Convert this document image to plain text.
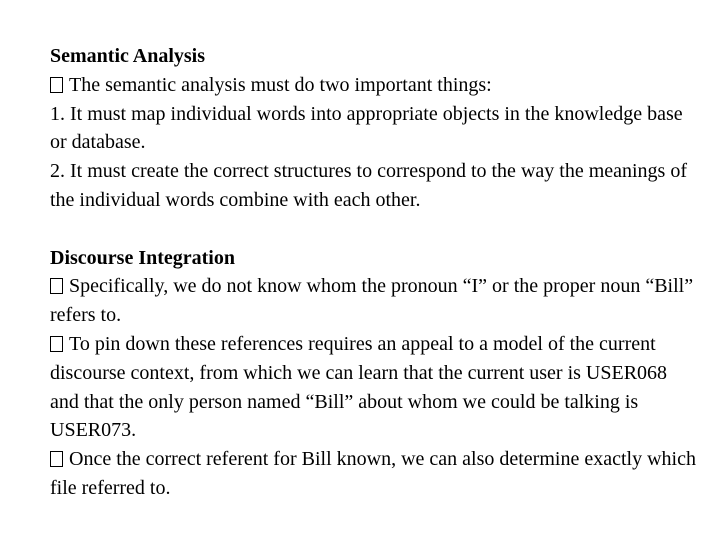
Semantic Analysis
The semantic analysis must do two important things:
1. It must map individual words into appropriate objects in the knowledge base or database.
2. It must create the correct structures to correspond to the way the meanings of the individual words combine with each other.
Discourse Integration
Specifically, we do not know whom the pronoun “I” or the proper noun “Bill” refers to.
To pin down these references requires an appeal to a model of the current discourse context, from which we can learn that the current user is USER068 and that the only person named “Bill” about whom we could be talking is USER073.
Once the correct referent for Bill known, we can also determine exactly which file referred to.
